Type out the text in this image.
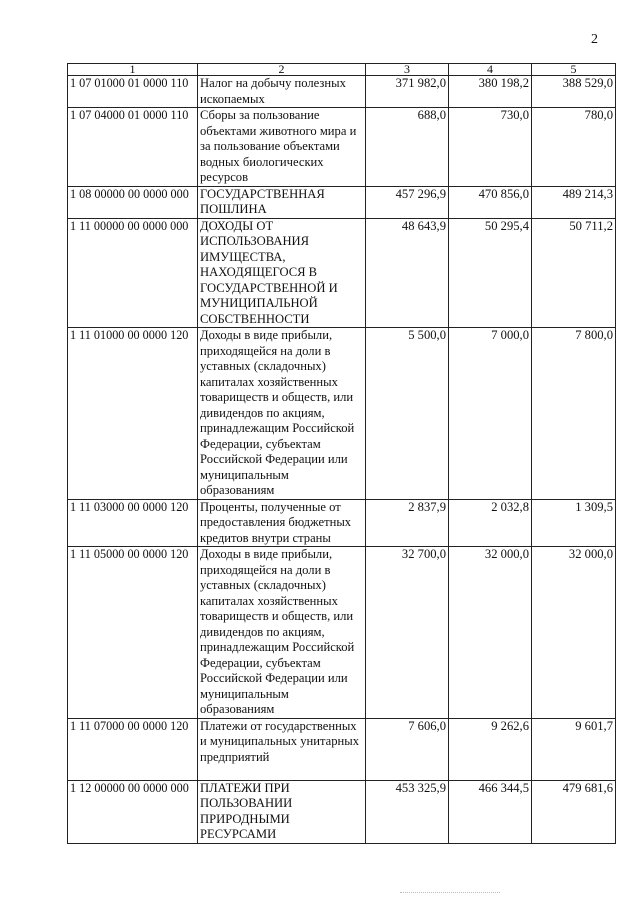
2
1	2	3	4	5
1 07 01000 01 0000 110	Налог на добычу полезных ископаемых	371 982,0	380 198,2	388 529,0
1 07 04000 01 0000 110	Сборы за пользование объектами животного мира и за пользование объектами водных биологических ресурсов	688,0	730,0	780,0
1 08 00000 00 0000 000	ГОСУДАРСТВЕННАЯ ПОШЛИНА	457 296,9	470 856,0	489 214,3
1 11 00000 00 0000 000	ДОХОДЫ ОТ ИСПОЛЬЗОВАНИЯ ИМУЩЕСТВА, НАХОДЯЩЕГОСЯ В ГОСУДАРСТВЕННОЙ И МУНИЦИПАЛЬНОЙ СОБСТВЕННОСТИ	48 643,9	50 295,4	50 711,2
1 11 01000 00 0000 120	Доходы в виде прибыли, приходящейся на доли в уставных (складочных) капиталах хозяйственных товариществ и обществ, или дивидендов по акциям, принадлежащим Российской Федерации, субъектам Российской Федерации или муниципальным образованиям	5 500,0	7 000,0	7 800,0
1 11 03000 00 0000 120	Проценты, полученные от предоставления бюджетных кредитов внутри страны	2 837,9	2 032,8	1 309,5
1 11 05000 00 0000 120	Доходы в виде прибыли, приходящейся на доли в уставных (складочных) капиталах хозяйственных товариществ и обществ, или дивидендов по акциям, принадлежащим Российской Федерации, субъектам Российской Федерации или муниципальным образованиям	32 700,0	32 000,0	32 000,0
1 11 07000 00 0000 120	Платежи от государственных и муниципальных унитарных предприятий	7 606,0	9 262,6	9 601,7
1 12 00000 00 0000 000	ПЛАТЕЖИ ПРИ ПОЛЬЗОВАНИИ ПРИРОДНЫМИ РЕСУРСАМИ	453 325,9	466 344,5	479 681,6
